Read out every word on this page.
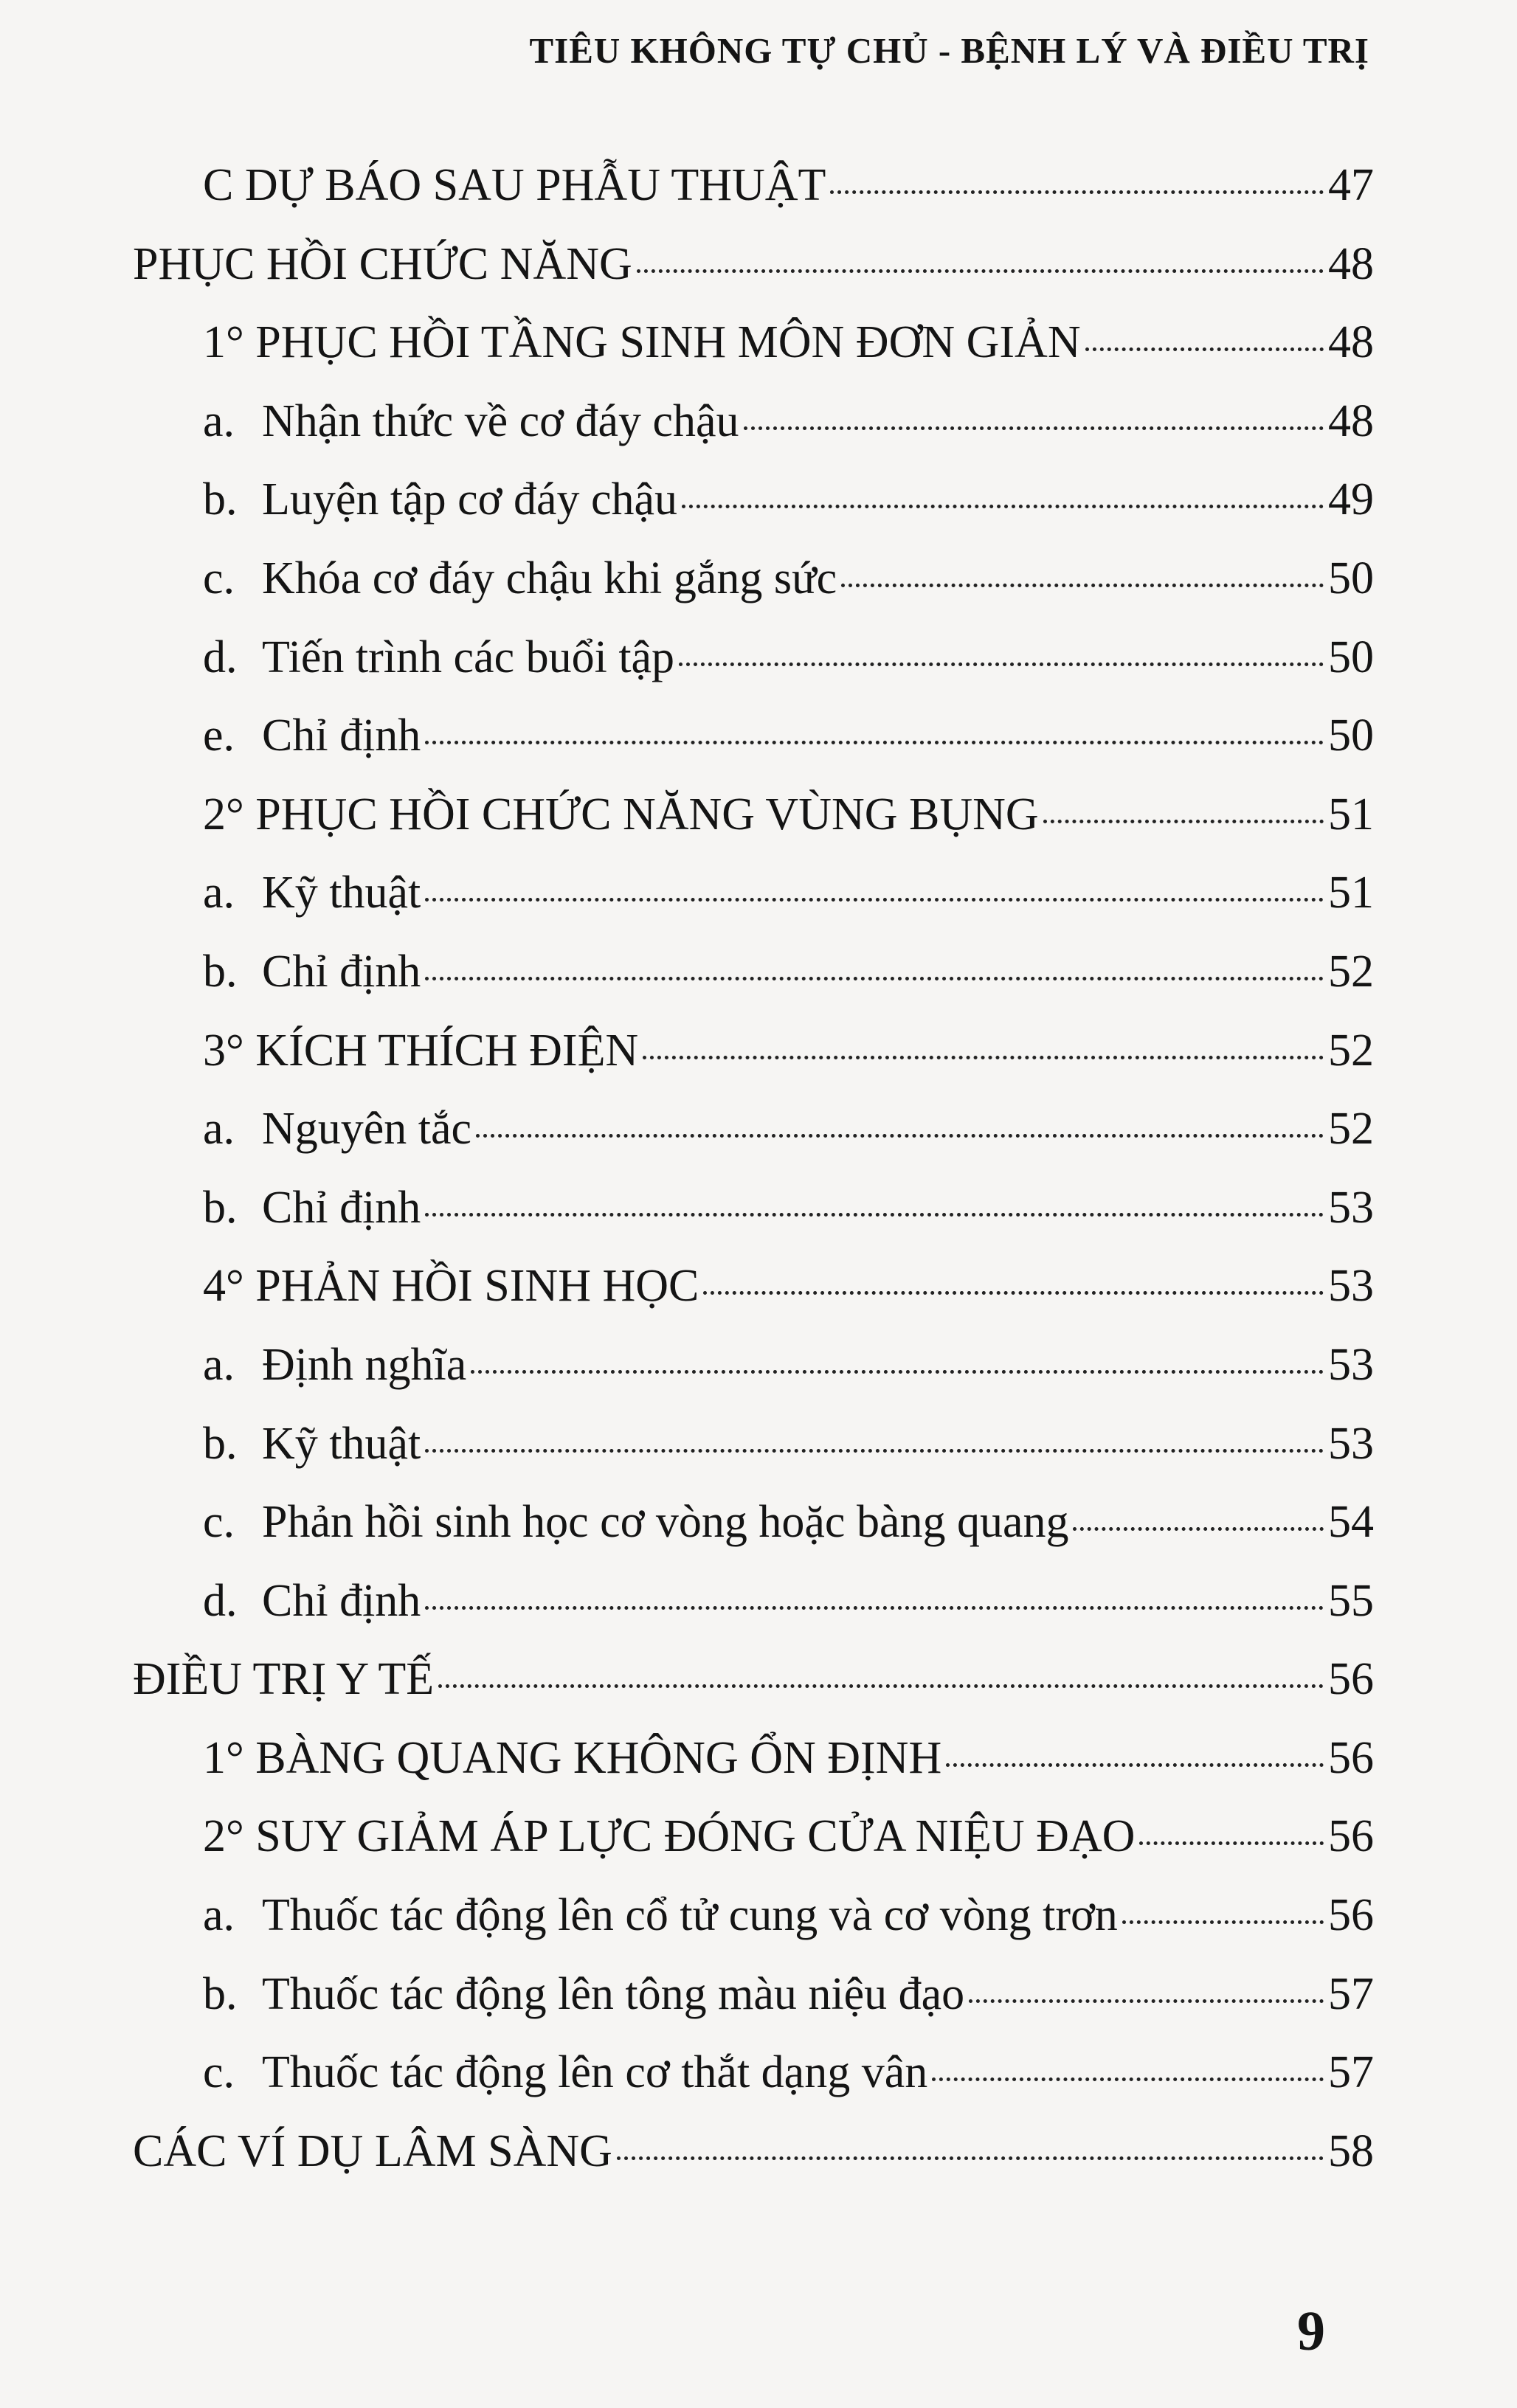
TIÊU KHÔNG TỰ CHỦ - BỆNH LÝ VÀ ĐIỀU TRỊ
C DỰ BÁO SAU PHẪU THUẬT	47
PHỤC HỒI CHỨC NĂNG	48
1° PHỤC HỒI TẦNG SINH MÔN ĐƠN GIẢN	48
a. Nhận thức về cơ đáy chậu	48
b. Luyện tập cơ đáy chậu	49
c. Khóa cơ đáy chậu khi gắng sức	50
d. Tiến trình các buổi tập	50
e. Chỉ định	50
2° PHỤC HỒI CHỨC NĂNG VÙNG BỤNG	51
a. Kỹ thuật	51
b. Chỉ định	52
3° KÍCH THÍCH ĐIỆN	52
a. Nguyên tắc	52
b. Chỉ định	53
4° PHẢN HỒI SINH HỌC	53
a. Định nghĩa	53
b. Kỹ thuật	53
c. Phản hồi sinh học cơ vòng hoặc bàng quang	54
d. Chỉ định	55
ĐIỀU TRỊ Y TẾ	56
1° BÀNG QUANG KHÔNG ỔN ĐỊNH	56
2° SUY GIẢM ÁP LỰC ĐÓNG CỬA NIỆU ĐẠO	56
a. Thuốc tác động lên cổ tử cung và cơ vòng trơn	56
b. Thuốc tác động lên tông màu niệu đạo	57
c. Thuốc tác động lên cơ thắt dạng vân	57
CÁC VÍ DỤ LÂM SÀNG	58
9
